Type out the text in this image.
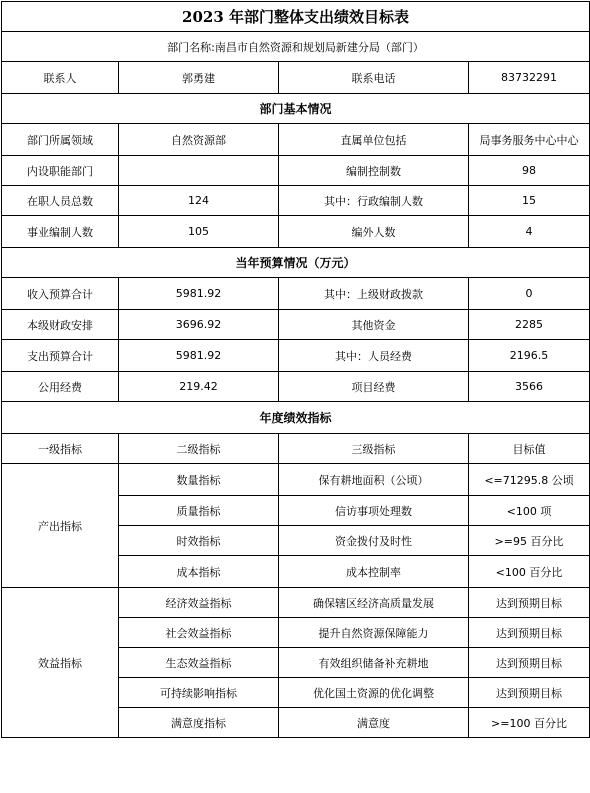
2023 年部门整体支出绩效目标表			
部门名称:南昌市自然资源和规划局新建分局（部门）			
联系人	郭勇建	联系电话	83732291
部门基本情况			
部门所属领域	自然资源部	直属单位包括	局事务服务中心中心
内设职能部门		编制控制数	98
在职人员总数	124	其中：行政编制人数	15
事业编制人数	105	编外人数	4
当年预算情况（万元）			
收入预算合计	5981.92	其中：上级财政拨款	0
本级财政安排	3696.92	其他资金	2285
支出预算合计	5981.92	其中：人员经费	2196.5
公用经费	219.42	项目经费	3566
年度绩效指标			
一级指标	二级指标	三级指标	目标值
产出指标	数量指标	保有耕地面积（公顷）	<=71295.8 公顷
	质量指标	信访事项处理数	<100 项
	时效指标	资金拨付及时性	>=95 百分比
	成本指标	成本控制率	<100 百分比
效益指标	经济效益指标	确保辖区经济高质量发展	达到预期目标
	社会效益指标	提升自然资源保障能力	达到预期目标
	生态效益指标	有效组织储备补充耕地	达到预期目标
	可持续影响指标	优化国土资源的优化调整	达到预期目标
	满意度指标	满意度	>=100 百分比
